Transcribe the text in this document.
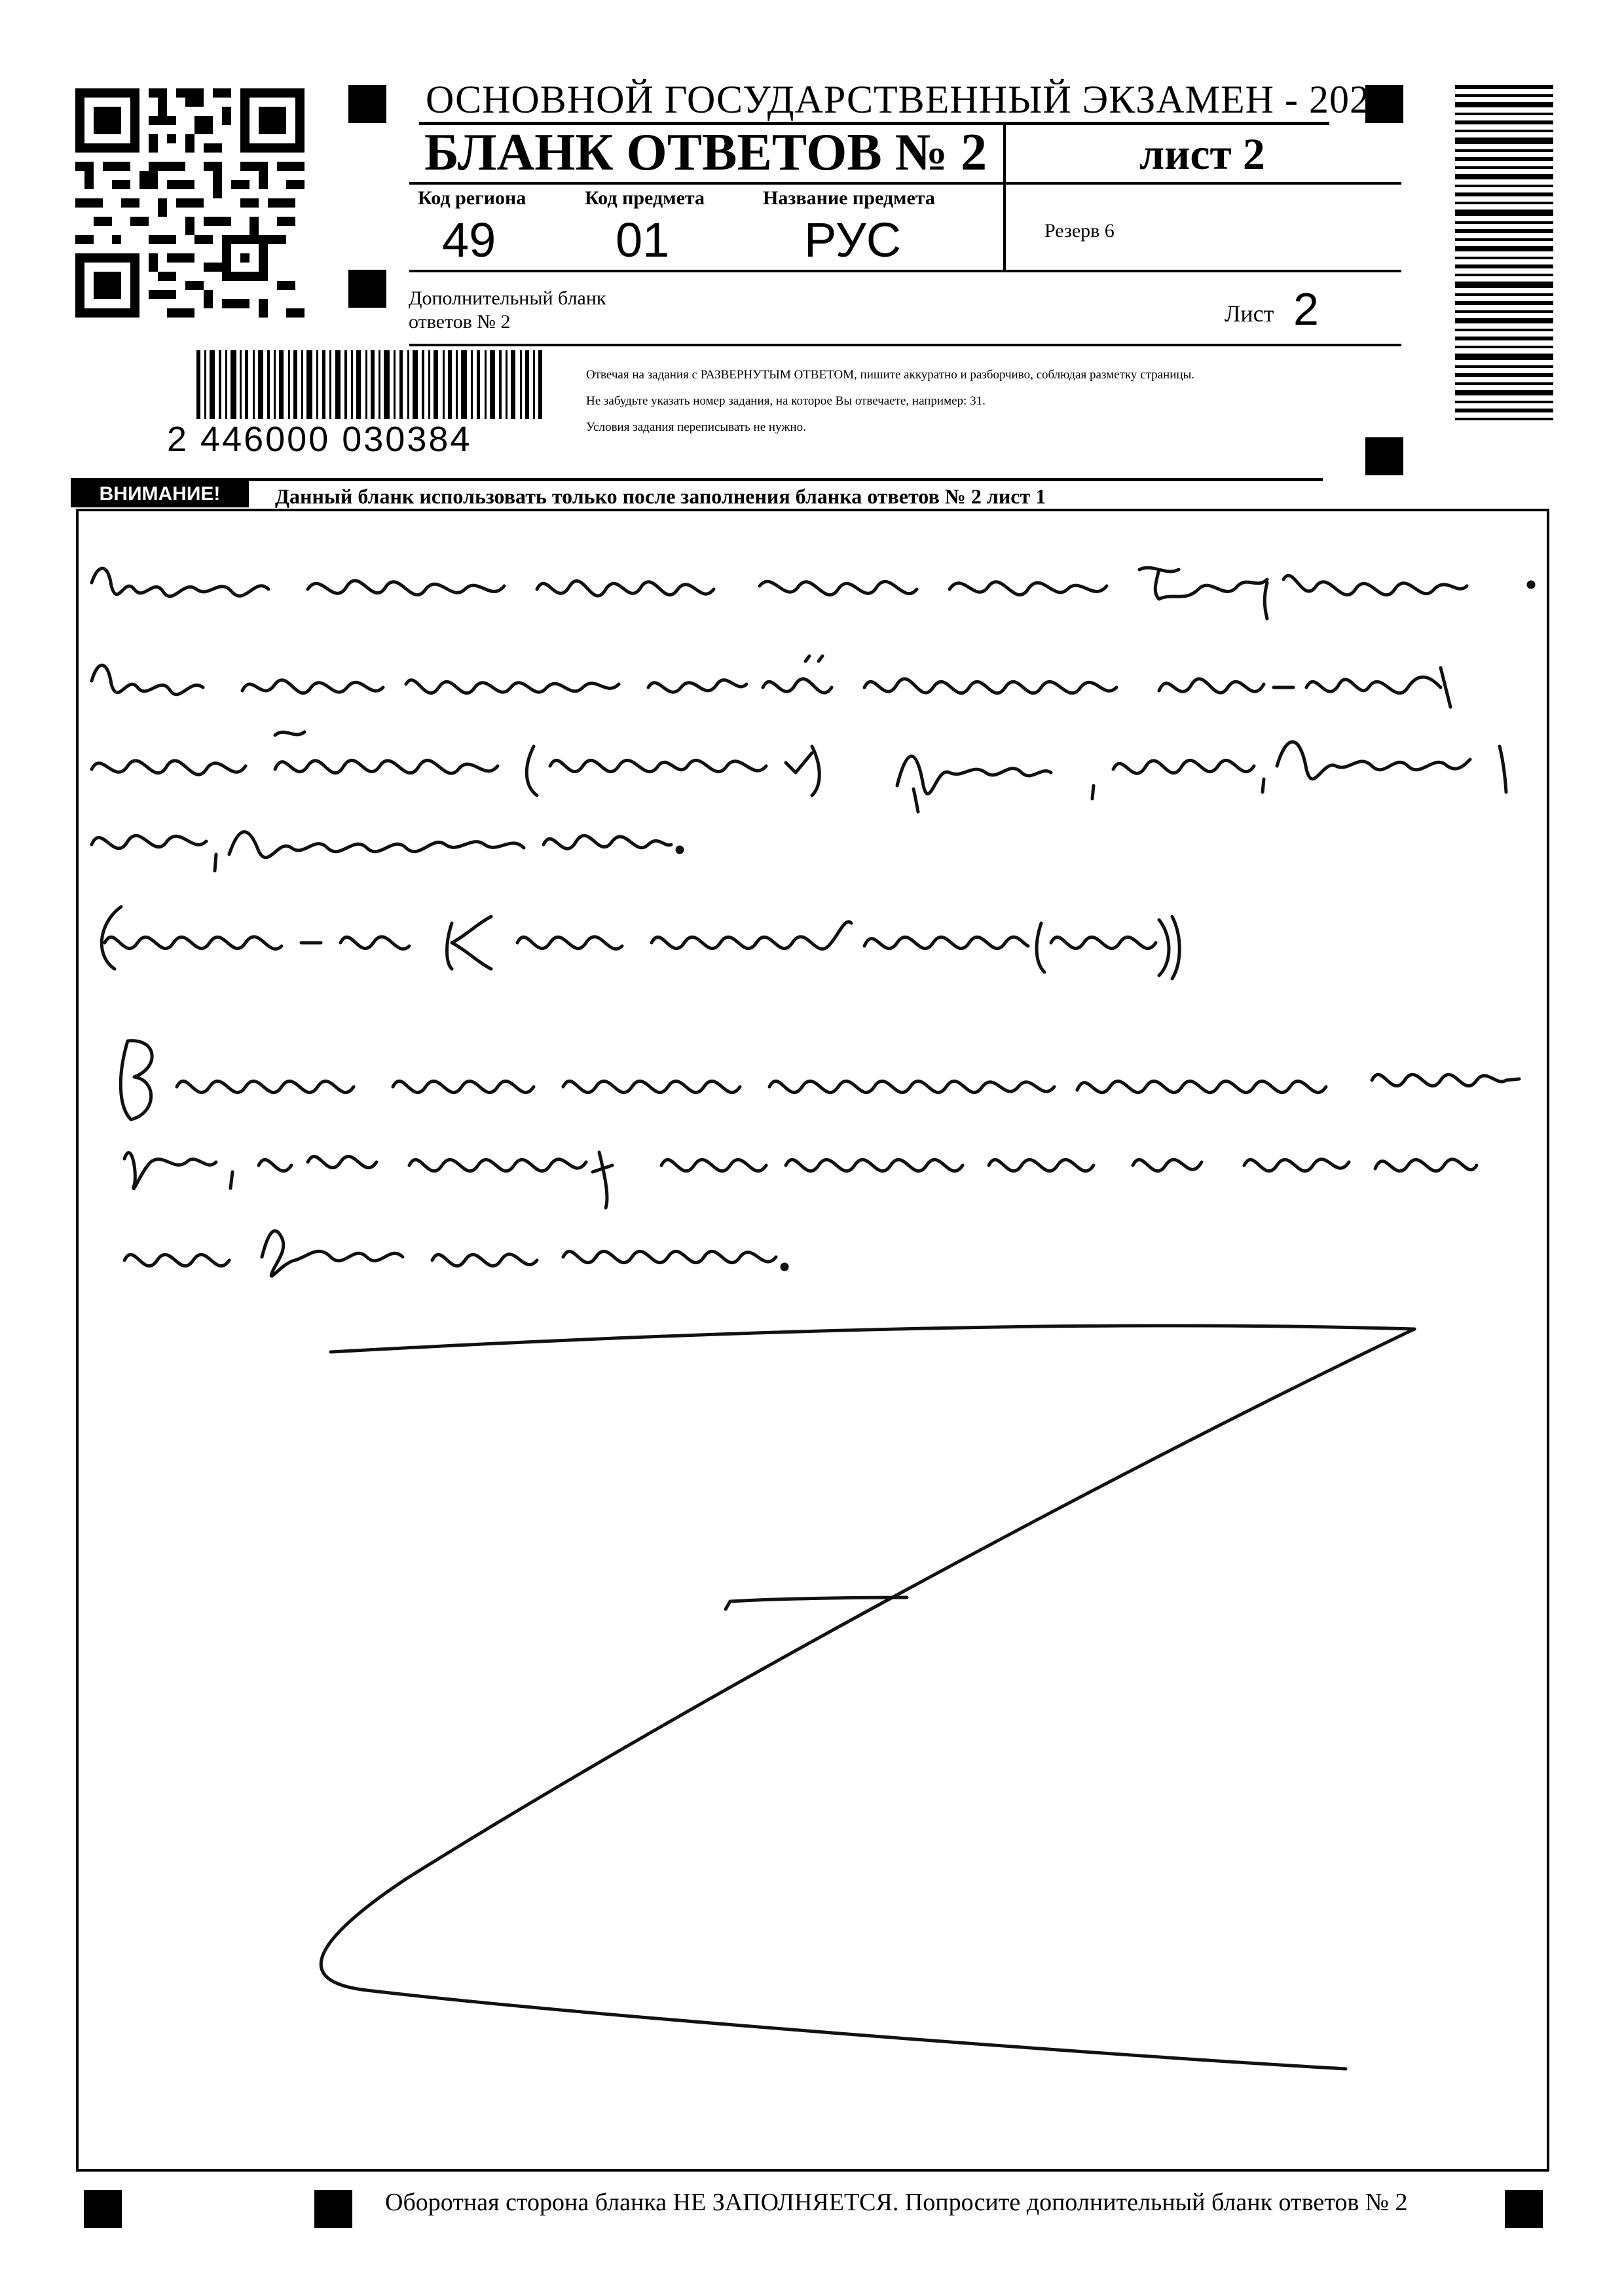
ОСНОВНОЙ ГОСУДАРСТВЕННЫЙ ЭКЗАМЕН - 2024
БЛАНК ОТВЕТОВ № 2	лист 2
Код региона
49
Код предмета
01
Название предмета
РУС	Резерв 6
Дополнительный бланк ответов № 2	Лист 2
Отвечая на задания с РАЗВЕРНУТЫМ ОТВЕТОМ, пишите аккуратно и разборчиво, соблюдая разметку страницы.
Не забудьте указать номер задания, на которое Вы отвечаете, например: 31.
Условия задания переписывать не нужно.
2 446000 030384
ВНИМАНИЕ!	Данный бланк использовать только после заполнения бланка ответов № 2 лист 1
Оборотная сторона бланка НЕ ЗАПОЛНЯЕТСЯ. Попросите дополнительный бланк ответов № 2
